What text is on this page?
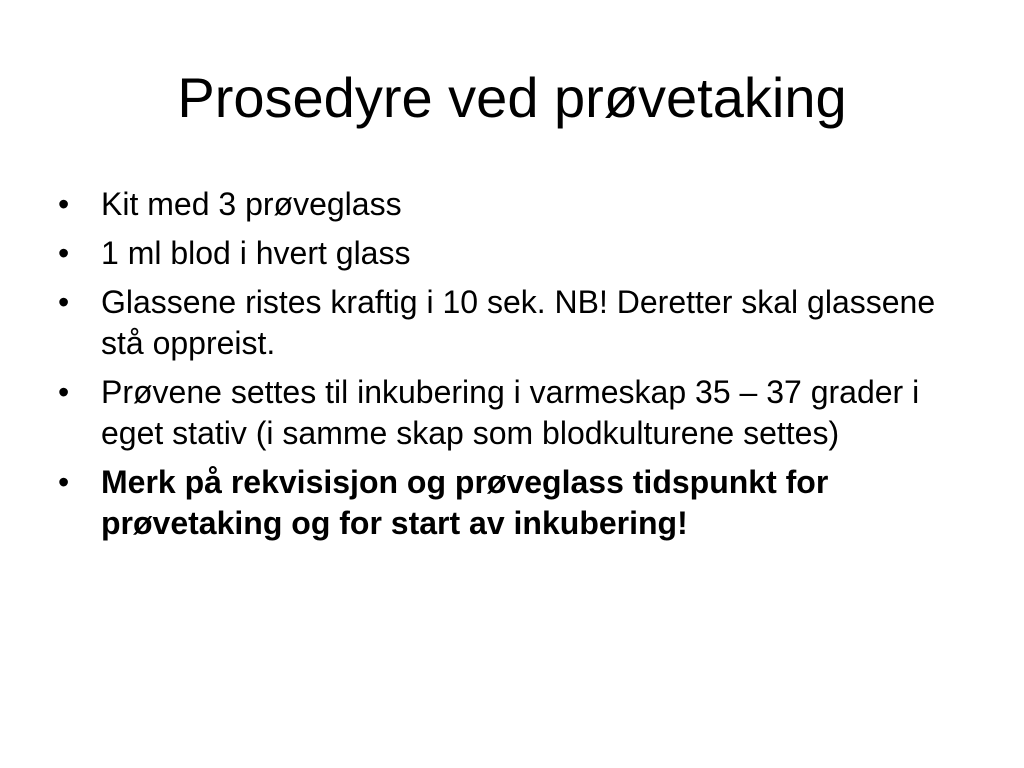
Prosedyre ved prøvetaking
• Kit med 3 prøveglass
• 1 ml blod i hvert glass
• Glassene ristes kraftig i 10 sek. NB! Deretter skal glassene stå oppreist.
• Prøvene settes til inkubering i varmeskap 35 – 37 grader i eget stativ (i samme skap som blodkulturene settes)
• Merk på rekvisisjon og prøveglass tidspunkt for prøvetaking og for start av inkubering!
